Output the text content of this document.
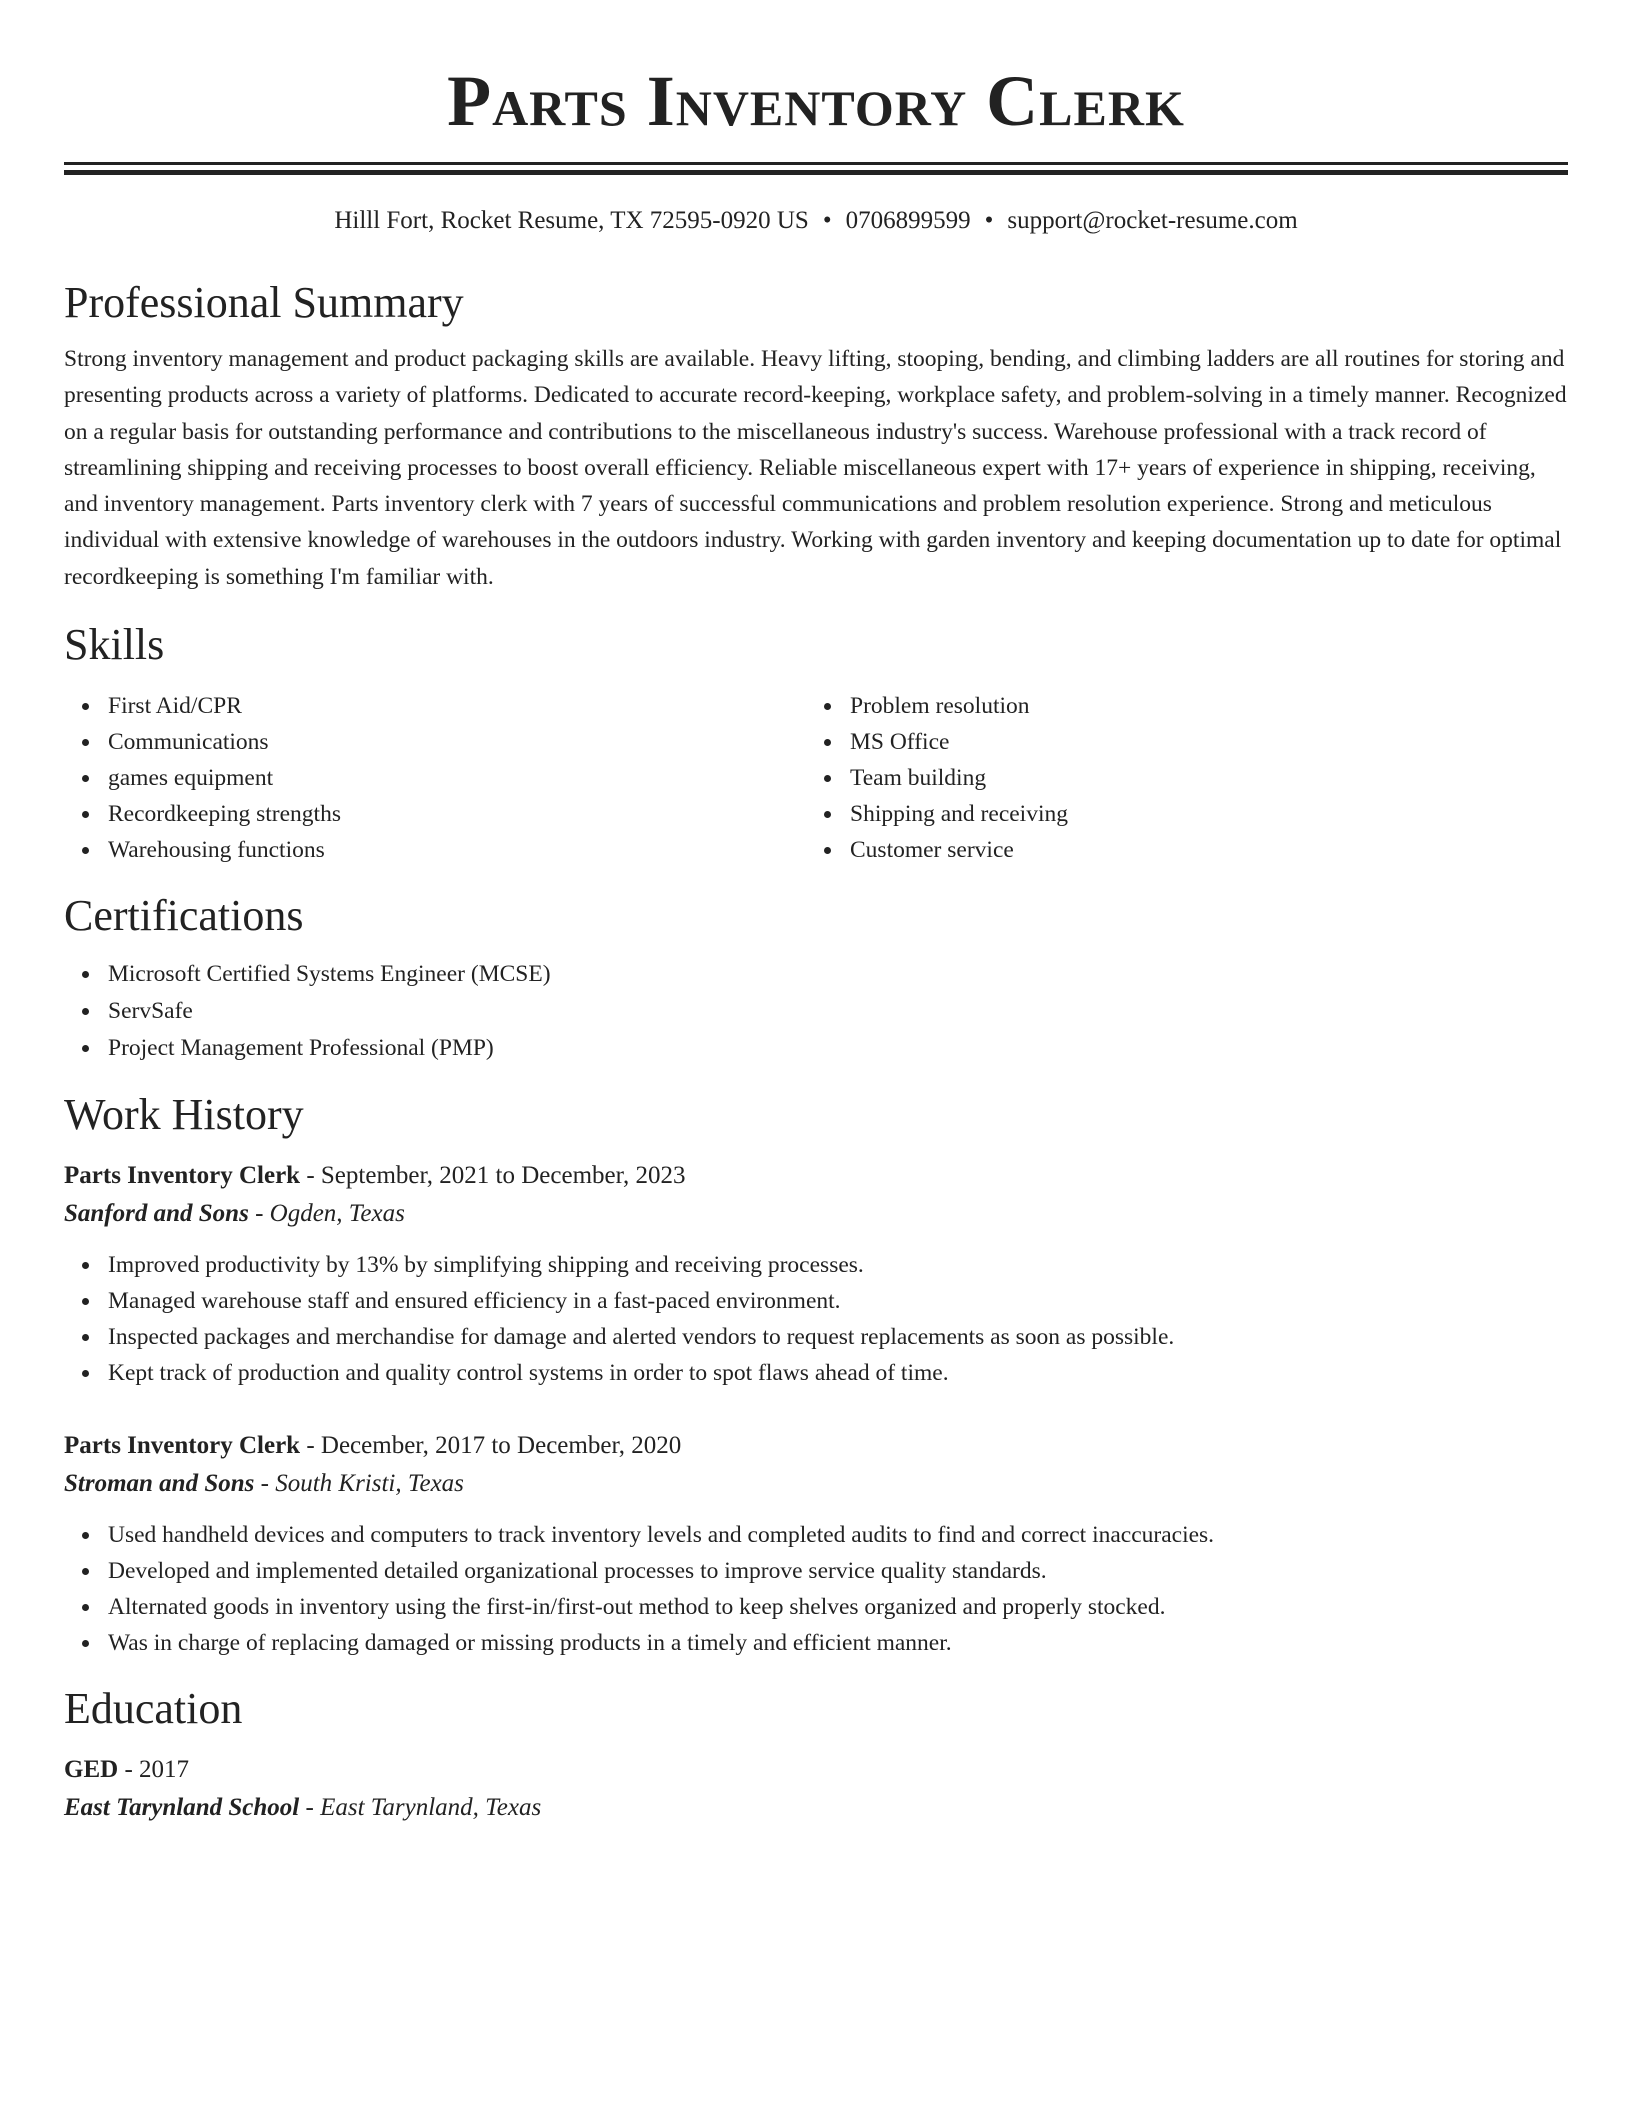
Parts Inventory Clerk
Hilll Fort, Rocket Resume, TX 72595-0920 US • 0706899599 • support@rocket-resume.com
Professional Summary
Strong inventory management and product packaging skills are available. Heavy lifting, stooping, bending, and climbing ladders are all routines for storing and presenting products across a variety of platforms. Dedicated to accurate record-keeping, workplace safety, and problem-solving in a timely manner. Recognized on a regular basis for outstanding performance and contributions to the miscellaneous industry's success. Warehouse professional with a track record of streamlining shipping and receiving processes to boost overall efficiency. Reliable miscellaneous expert with 17+ years of experience in shipping, receiving, and inventory management. Parts inventory clerk with 7 years of successful communications and problem resolution experience. Strong and meticulous individual with extensive knowledge of warehouses in the outdoors industry. Working with garden inventory and keeping documentation up to date for optimal recordkeeping is something I'm familiar with.
Skills
First Aid/CPR
Communications
games equipment
Recordkeeping strengths
Warehousing functions
Problem resolution
MS Office
Team building
Shipping and receiving
Customer service
Certifications
Microsoft Certified Systems Engineer (MCSE)
ServSafe
Project Management Professional (PMP)
Work History
Parts Inventory Clerk - September, 2021 to December, 2023
Sanford and Sons - Ogden, Texas
Improved productivity by 13% by simplifying shipping and receiving processes.
Managed warehouse staff and ensured efficiency in a fast-paced environment.
Inspected packages and merchandise for damage and alerted vendors to request replacements as soon as possible.
Kept track of production and quality control systems in order to spot flaws ahead of time.
Parts Inventory Clerk - December, 2017 to December, 2020
Stroman and Sons - South Kristi, Texas
Used handheld devices and computers to track inventory levels and completed audits to find and correct inaccuracies.
Developed and implemented detailed organizational processes to improve service quality standards.
Alternated goods in inventory using the first-in/first-out method to keep shelves organized and properly stocked.
Was in charge of replacing damaged or missing products in a timely and efficient manner.
Education
GED - 2017
East Tarynland School - East Tarynland, Texas
